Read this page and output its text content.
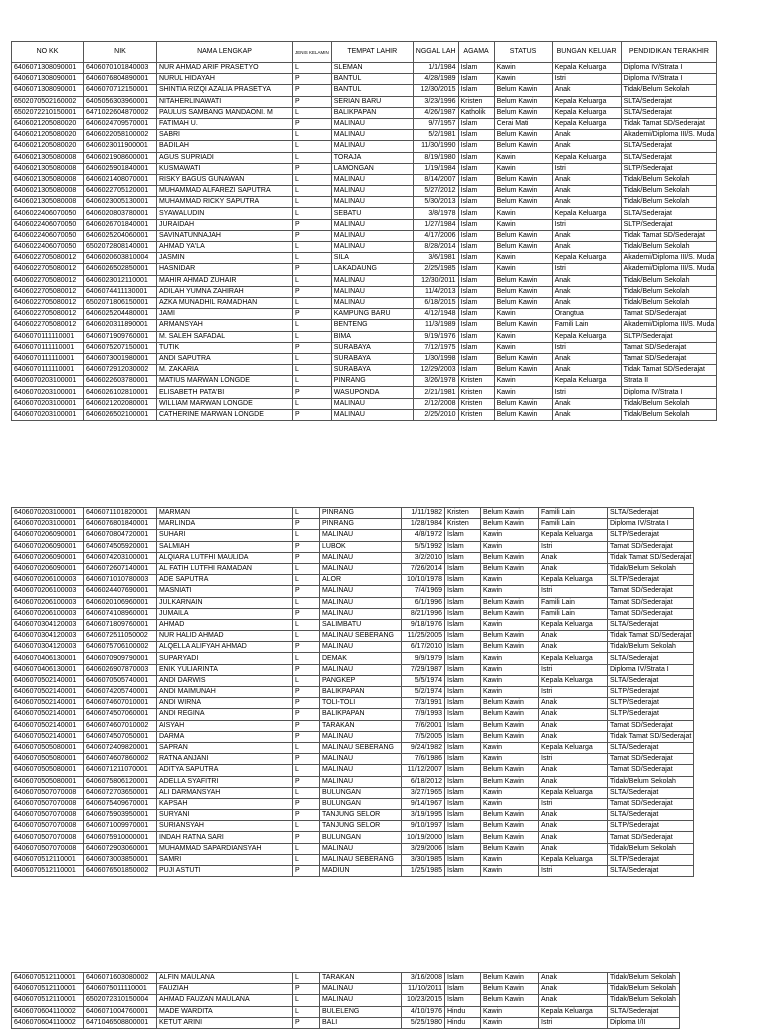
NO KK	NIK	NAMA LENGKAP	JENIS KELAMIN	TEMPAT LAHIR	NGGAL LAH	AGAMA	STATUS	BUNGAN KELUAR	PENDIDIKAN TERAKHIR
6406071308090001	6406070101840003	NUR AHMAD ARIF PRASETYO	L	SLEMAN	1/1/1984	Islam	Kawin	Kepala Keluarga	Diploma IV/Strata I
6406071308090001	6406076804890001	NURUL HIDAYAH	P	BANTUL	4/28/1989	Islam	Kawin	Istri	Diploma IV/Strata I
6406071308090001	6406070712150001	SHINTIA RIZQI AZALIA PRASETYA	P	BANTUL	12/30/2015	Islam	Belum Kawin	Anak	Tidak/Belum Sekolah
6502070502160002	6405056303960001	NITAHERLINAWATI	P	SERIAN BARU	3/23/1996	Kristen	Belum Kawin	Kepala Keluarga	SLTA/Sederajat
6502072210150001	6471022604870002	PAULUS SAMBANG MANDAONI. M	L	BALIKPAPAN	4/26/1987	Katholik	Belum Kawin	Kepala Keluarga	SLTA/Sederajat
6406021205080020	6406024709570001	FATIMAH U.	P	MALINAU	9/7/1957	Islam	Cerai Mati	Kepala Keluarga	Tidak Tamat SD/Sederajat
6406021205080020	6406022058100002	SABRI	L	MALINAU	5/2/1981	Islam	Belum Kawin	Anak	Akademi/Diploma III/S. Muda
6406021205080020	6406023011900001	BADILAH	L	MALINAU	11/30/1990	Islam	Belum Kawin	Anak	SLTA/Sederajat
6406021305080008	6406021908600001	AGUS SUPRIADI	L	TORAJA	8/19/1980	Islam	Kawin	Kepala Keluarga	SLTA/Sederajat
6406021305080008	6406025901840001	KUSMAWATI	P	LAMONGAN	1/19/1984	Islam	Kawin	Istri	SLTP/Sederajat
6406021305080008	6406021408070001	RISKY BAGUS GUNAWAN	L	MALINAU	8/14/2007	Islam	Belum Kawin	Anak	Tidak/Belum Sekolah
6406021305080008	6406022705120001	MUHAMMAD ALFAREZI SAPUTRA	L	MALINAU	5/27/2012	Islam	Belum Kawin	Anak	Tidak/Belum Sekolah
6406021305080008	6406023005130001	MUHAMMAD RICKY SAPUTRA	L	MALINAU	5/30/2013	Islam	Belum Kawin	Anak	Tidak/Belum Sekolah
6406022406070050	6406020803780001	SYAWALUDIN	L	SEBATU	3/8/1978	Islam	Kawin	Kepala Keluarga	SLTA/Sederajat
6406022406070050	6406026701840001	JURAIDAH	P	MALINAU	1/27/1984	Islam	Kawin	Istri	SLTP/Sederajat
6406022406070050	6406025204060001	SAVINATUNNAJAH	P	MALINAU	4/17/2006	Islam	Belum Kawin	Anak	Tidak Tamat SD/Sederajat
6406022406070050	6502072808140001	AHMAD YA'LA	L	MALINAU	8/28/2014	Islam	Belum Kawin	Anak	Tidak/Belum Sekolah
6406022705080012	6406020603810004	JASMIN	L	SILA	3/6/1981	Islam	Kawin	Kepala Keluarga	Akademi/Diploma III/S. Muda
6406022705080012	6406026502850001	HASNIDAR	P	LAKADAUNG	2/25/1985	Islam	Kawin	Istri	Akademi/Diploma III/S. Muda
6406022705080012	6406023012110001	MAHIR AHMAD ZUHAIR	L	MALINAU	12/30/2011	Islam	Belum Kawin	Anak	Tidak/Belum Sekolah
6406022705080012	6406074411130001	ADILAH YUMNA ZAHIRAH	P	MALINAU	11/4/2013	Islam	Belum Kawin	Anak	Tidak/Belum Sekolah
6406022705080012	6502071806150001	AZKA MUNADHIL RAMADHAN	L	MALINAU	6/18/2015	Islam	Belum Kawin	Anak	Tidak/Belum Sekolah
6406022705080012	6406025204480001	JAMI	P	KAMPUNG BARU	4/12/1948	Islam	Kawin	Orangtua	Tamat SD/Sederajat
6406022705080012	6406020311890001	ARMANSYAH	L	BENTENG	11/3/1989	Islam	Belum Kawin	Famili Lain	Akademi/Diploma III/S. Muda
6406070111110001	6406071909760001	M. SALEH SAFADAL	L	BIMA	9/19/1976	Islam	Kawin	Kepala Keluarga	SLTP/Sederajat
6406070111110001	6406075207150001	TUTIK	P	SURABAYA	7/12/1975	Islam	Kawin	Istri	Tamat SD/Sederajat
6406070111110001	6406073001980001	ANDI SAPUTRA	L	SURABAYA	1/30/1998	Islam	Belum Kawin	Anak	Tamat SD/Sederajat
6406070111110001	6406072912030002	M. ZAKARIA	L	SURABAYA	12/29/2003	Islam	Belum Kawin	Anak	Tidak Tamat SD/Sederajat
6406070203100001	6406022603780001	MATIUS MARWAN LONGDE	L	PINRANG	3/26/1978	Kristen	Kawin	Kepala Keluarga	Strata II
6406070203100001	6406026102810001	ELISABETH PATA'BI	P	WASUPONDA	2/21/1981	Kristen	Kawin	Istri	Diploma IV/Strata I
6406070203100001	6406021202080001	WILLIAM MARWAN LONGDE	L	MALINAU	2/12/2008	Kristen	Belum Kawin	Anak	Tidak/Belum Sekolah
6406070203100001	6406026502100001	CATHERINE MARWAN LONGDE	P	MALINAU	2/25/2010	Kristen	Belum Kawin	Anak	Tidak/Belum Sekolah
6406070203100001	6406071101820001	MARMAN	L	PINRANG	1/11/1982	Kristen	Belum Kawin	Famili Lain	SLTA/Sederajat
6406070203100001	6406076801840001	MARLINDA	P	PINRANG	1/28/1984	Kristen	Belum Kawin	Famili Lain	Diploma IV/Strata I
6406070206090001	6406070804720001	SUHARI	L	MALINAU	4/8/1972	Islam	Kawin	Kepala Keluarga	SLTP/Sederajat
6406070206090001	6406074505920001	SALMIAH	P	LUBOK	5/5/1992	Islam	Kawin	Istri	Tamat SD/Sederajat
6406070206090001	6406074203100001	ALQIARA LUTFHI MAULIDA	P	MALINAU	3/2/2010	Islam	Belum Kawin	Anak	Tidak Tamat SD/Sederajat
6406070206090001	6406072607140001	AL FATIH LUTFHI RAMADAN	L	MALINAU	7/26/2014	Islam	Belum Kawin	Anak	Tidak/Belum Sekolah
6406070206100003	6406071010780003	ADE SAPUTRA	L	ALOR	10/10/1978	Islam	Kawin	Kepala Keluarga	SLTP/Sederajat
6406070206100003	6406024407690001	MASNIATI	P	MALINAU	7/4/1969	Islam	Kawin	Istri	Tamat SD/Sederajat
6406070206100003	6406020106960001	JULKARNAIN	L	MALINAU	6/1/1996	Islam	Belum Kawin	Famili Lain	Tamat SD/Sederajat
6406070206100003	6406074108960001	JUMAILA	P	MALINAU	8/21/1996	Islam	Belum Kawin	Famili Lain	Tamat SD/Sederajat
6406070304120003	6406071809760001	AHMAD	L	SALIMBATU	9/18/1976	Islam	Kawin	Kepala Keluarga	SLTA/Sederajat
6406070304120003	6406072511050002	NUR HALID AHMAD	L	MALINAU SEBERANG	11/25/2005	Islam	Belum Kawin	Anak	Tidak Tamat SD/Sederajat
6406070304120003	6406075706100002	ALQELLA ALIFYAH AHMAD	P	MALINAU	6/17/2010	Islam	Belum Kawin	Anak	Tidak/Belum Sekolah
6406070406130001	6406070909790001	SUPARYADI	L	DEMAK	9/9/1979	Islam	Kawin	Kepala Keluarga	SLTA/Sederajat
6406070406130001	6406026907870003	ENIK YULIARINTA	P	MALINAU	7/29/1987	Islam	Kawin	Istri	Diploma IV/Strata I
6406070502140001	6406070505740001	ANDI DARWIS	L	PANGKEP	5/5/1974	Islam	Kawin	Kepala Keluarga	SLTA/Sederajat
6406070502140001	6406074205740001	ANDI MAIMUNAH	P	BALIKPAPAN	5/2/1974	Islam	Kawin	Istri	SLTP/Sederajat
6406070502140001	6406074607010001	ANDI WIRNA	P	TOLI-TOLI	7/3/1991	Islam	Belum Kawin	Anak	SLTP/Sederajat
6406070502140001	6406074507060001	ANDI REGINA	P	BALIKPAPAN	7/9/1993	Islam	Belum Kawin	Anak	SLTP/Sederajat
6406070502140001	6406074607010002	AISYAH	P	TARAKAN	7/6/2001	Islam	Belum Kawin	Anak	Tamat SD/Sederajat
6406070502140001	6406074507050001	DARMA	P	MALINAU	7/5/2005	Islam	Belum Kawin	Anak	Tidak Tamat SD/Sederajat
6406070505080001	6406072409820001	SAPRAN	L	MALINAU SEBERANG	9/24/1982	Islam	Kawin	Kepala Keluarga	SLTA/Sederajat
6406070505080001	6406074607860002	RATNA ANJANI	P	MALINAU	7/6/1986	Islam	Kawin	Istri	Tamat SD/Sederajat
6406070505080001	6406071211070001	ADITYA SAPUTRA	L	MALINAU	11/12/2007	Islam	Belum Kawin	Anak	Tamat SD/Sederajat
6406070505080001	6406075806120001	ADELLA SYAFITRI	P	MALINAU	6/18/2012	Islam	Belum Kawin	Anak	Tidak/Belum Sekolah
6406070507070008	6406072703650001	ALI DARMANSYAH	L	BULUNGAN	3/27/1965	Islam	Kawin	Kepala Keluarga	SLTA/Sederajat
6406070507070008	6406075409670001	KAPSAH	P	BULUNGAN	9/14/1967	Islam	Kawin	Istri	Tamat SD/Sederajat
6406070507070008	6406075903950001	SURYANI	P	TANJUNG SELOR	3/19/1995	Islam	Belum Kawin	Anak	SLTA/Sederajat
6406070507070008	6406071009970001	SURIANSYAH	L	TANJUNG SELOR	9/10/1997	Islam	Belum Kawin	Anak	SLTP/Sederajat
6406070507070008	6406075910000001	INDAH RATNA SARI	P	BULUNGAN	10/19/2000	Islam	Belum Kawin	Anak	Tamat SD/Sederajat
6406070507070008	6406072903060001	MUHAMMAD SAPARDIANSYAH	L	MALINAU	3/29/2006	Islam	Belum Kawin	Anak	Tidak/Belum Sekolah
6406070512110001	6406073003850001	SAMRI	L	MALINAU SEBERANG	3/30/1985	Islam	Kawin	Kepala Keluarga	SLTP/Sederajat
6406070512110001	6406076501850002	PUJI ASTUTI	P	MADIUN	1/25/1985	Islam	Kawin	Istri	SLTA/Sederajat
6406070512110001	6406071603080002	ALFIN MAULANA	L	TARAKAN	3/16/2008	Islam	Belum Kawin	Anak	Tidak/Belum Sekolah
6406070512110001	6406075011110001	FAUZIAH	P	MALINAU	11/10/2011	Islam	Belum Kawin	Anak	Tidak/Belum Sekolah
6406070512110001	6502072310150004	AHMAD FAUZAN MAULANA	L	MALINAU	10/23/2015	Islam	Belum Kawin	Anak	Tidak/Belum Sekolah
6406070604110002	6406071004760001	MADE WARDITA	L	BULELENG	4/10/1976	Hindu	Kawin	Kepala Keluarga	SLTA/Sederajat
6406070604110002	6471046508800001	KETUT ARINI	P	BALI	5/25/1980	Hindu	Kawin	Istri	Diploma I/II
